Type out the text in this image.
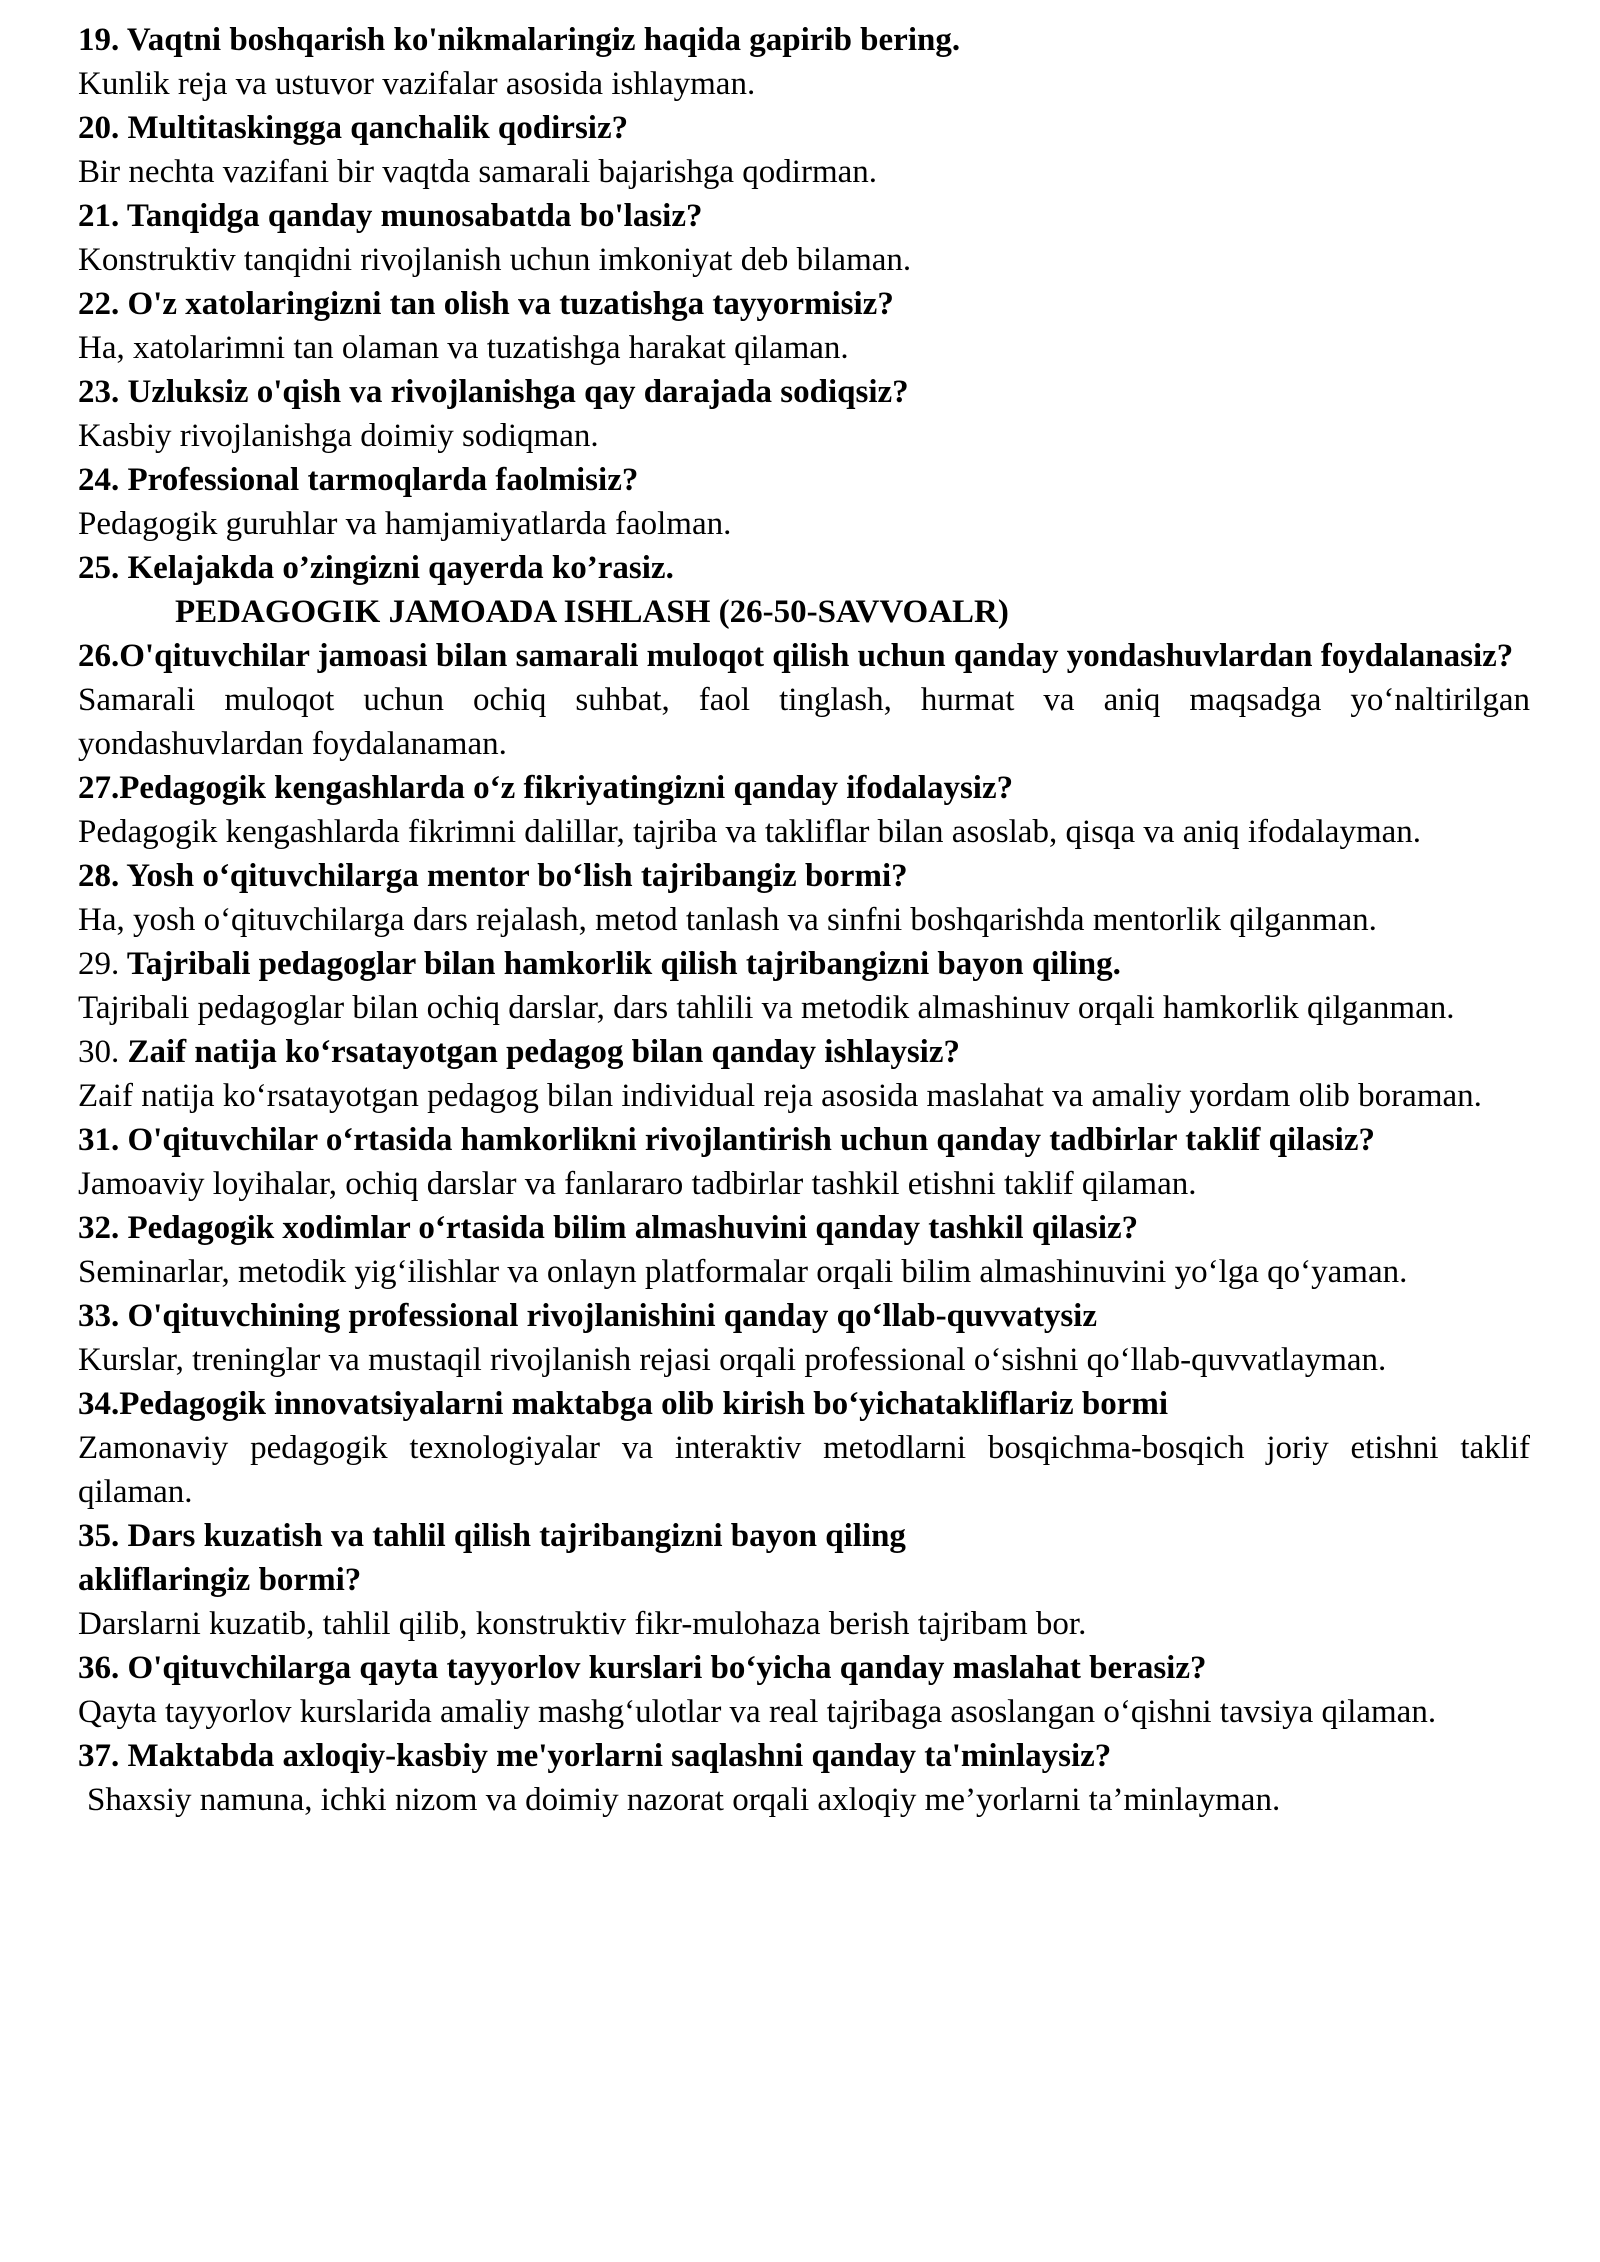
19. Vaqtni boshqarish ko'nikmalaringiz haqida gapirib bering.

Kunlik reja va ustuvor vazifalar asosida ishlayman.

20. Multitaskingga qanchalik qodirsiz?

Bir nechta vazifani bir vaqtda samarali bajarishga qodirman.

21. Tanqidga qanday munosabatda bo'lasiz?

Konstruktiv tanqidni rivojlanish uchun imkoniyat deb bilaman.

22. O'z xatolaringizni tan olish va tuzatishga tayyormisiz?

Ha, xatolarimni tan olaman va tuzatishga harakat qilaman.

23. Uzluksiz o'qish va rivojlanishga qay darajada sodiqsiz?

Kasbiy rivojlanishga doimiy sodiqman.

24. Professional tarmoqlarda faolmisiz?

Pedagogik guruhlar va hamjamiyatlarda faolman.

25. Kelajakda o’zingizni qayerda ko’rasiz.

PEDAGOGIK JAMOADA ISHLASH (26-50-SAVVOALR)

26.O'qituvchilar jamoasi bilan samarali muloqot qilish uchun qanday yondashuvlardan foydalanasiz?

Samarali muloqot uchun ochiq suhbat, faol tinglash, hurmat va aniq maqsadga yo‘naltirilgan yondashuvlardan foydalanaman.

27.Pedagogik kengashlarda o‘z fikriyatingizni qanday ifodalaysiz?

Pedagogik kengashlarda fikrimni dalillar, tajriba va takliflar bilan asoslab, qisqa va aniq ifodalayman.

28. Yosh o‘qituvchilarga mentor bo‘lish tajribangiz bormi?

Ha, yosh o‘qituvchilarga dars rejalash, metod tanlash va sinfni boshqarishda mentorlik qilganman.

29. Tajribali pedagoglar bilan hamkorlik qilish tajribangizni bayon qiling.

Tajribali pedagoglar bilan ochiq darslar, dars tahlili va metodik almashinuv orqali hamkorlik qilganman.

30. Zaif natija ko‘rsatayotgan pedagog bilan qanday ishlaysiz?

Zaif natija ko‘rsatayotgan pedagog bilan individual reja asosida maslahat va amaliy yordam olib boraman.

31. O'qituvchilar o‘rtasida hamkorlikni rivojlantirish uchun qanday tadbirlar taklif qilasiz?

Jamoaviy loyihalar, ochiq darslar va fanlararo tadbirlar tashkil etishni taklif qilaman.

32. Pedagogik xodimlar o‘rtasida bilim almashuvini qanday tashkil qilasiz?

Seminarlar, metodik yig‘ilishlar va onlayn platformalar orqali bilim almashinuvini yo‘lga qo‘yaman.

33. O'qituvchining professional rivojlanishini qanday qo‘llab-quvvatysiz

Kurslar, treninglar va mustaqil rivojlanish rejasi orqali professional o‘sishni qo‘llab-quvvatlayman.

34.Pedagogik innovatsiyalarni maktabga olib kirish bo‘yichatakliflariz bormi

Zamonaviy pedagogik texnologiyalar va interaktiv metodlarni bosqichma-bosqich joriy etishni taklif qilaman.

35. Dars kuzatish va tahlil qilish tajribangizni bayon qiling
akliflaringiz bormi?

Darslarni kuzatib, tahlil qilib, konstruktiv fikr-mulohaza berish tajribam bor.

36. O'qituvchilarga qayta tayyorlov kurslari bo‘yicha qanday maslahat berasiz?

Qayta tayyorlov kurslarida amaliy mashg‘ulotlar va real tajribaga asoslangan o‘qishni tavsiya qilaman.

37. Maktabda axloqiy-kasbiy me'yorlarni saqlashni qanday ta'minlaysiz?

Shaxsiy namuna, ichki nizom va doimiy nazorat orqali axloqiy me’yorlarni ta’minlayman.
